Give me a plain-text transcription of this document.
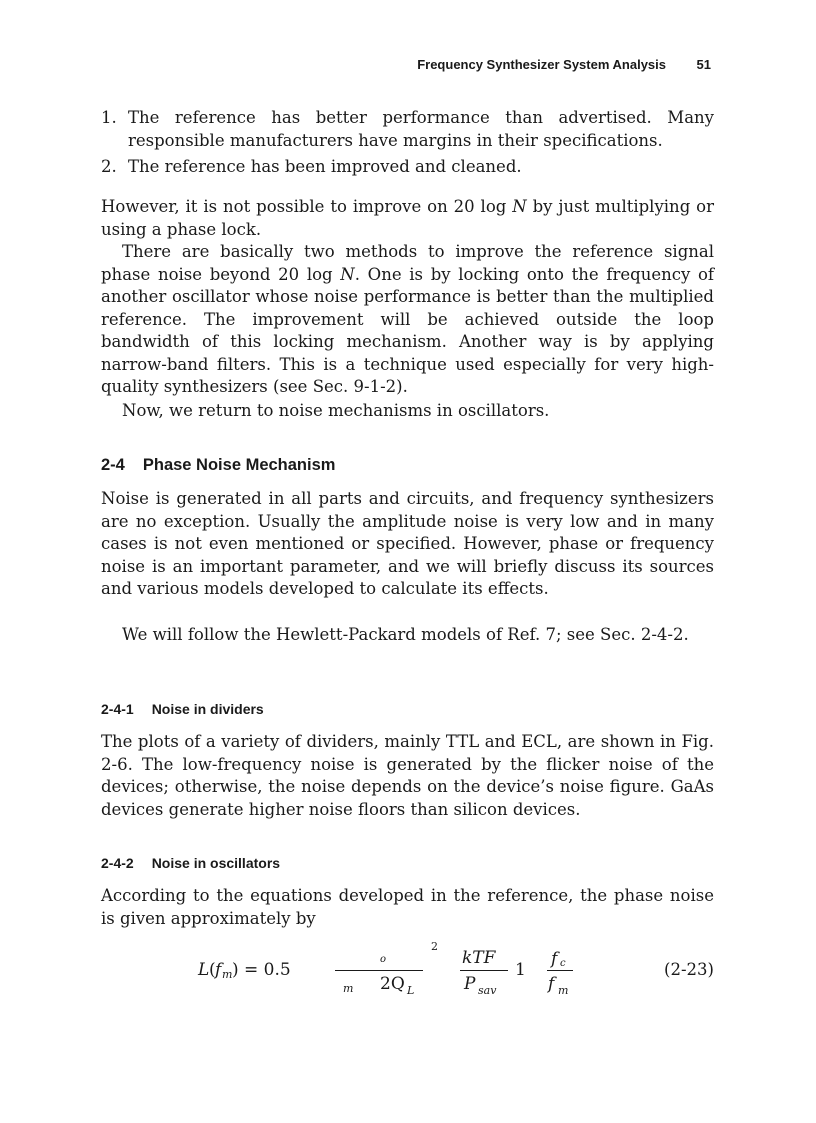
Frequency Synthesizer System Analysis 51
1. The reference has better performance than advertised. Many responsible manufacturers have margins in their specifications.
2. The reference has been improved and cleaned.

However, it is not possible to improve on 20 log N by just multiplying or using a phase lock.

There are basically two methods to improve the reference signal phase noise beyond 20 log N. One is by locking onto the frequency of another oscillator whose noise performance is better than the multiplied reference. The improvement will be achieved outside the loop bandwidth of this locking mechanism. Another way is by applying narrow-band filters. This is a technique used especially for very high-quality synthesizers (see Sec. 9-1-2).

Now, we return to noise mechanisms in oscillators.

2-4 Phase Noise Mechanism

Noise is generated in all parts and circuits, and frequency synthesizers are no exception. Usually the amplitude noise is very low and in many cases is not even mentioned or specified. However, phase or frequency noise is an important parameter, and we will briefly discuss its sources and various models developed to calculate its effects.

We will follow the Hewlett-Packard models of Ref. 7; see Sec. 2-4-2.

2-4-1 Noise in dividers

The plots of a variety of dividers, mainly TTL and ECL, are shown in Fig. 2-6. The low-frequency noise is generated by the flicker noise of the devices; otherwise, the noise depends on the device’s noise figure. GaAs devices generate higher noise floors than silicon devices.

2-4-2 Noise in oscillators

According to the equations developed in the reference, the phase noise is given approximately by

L ( f m ) = 0.5
o
m 2Q L
2
kTF
P sav
1
f c
f m
(2-23)
